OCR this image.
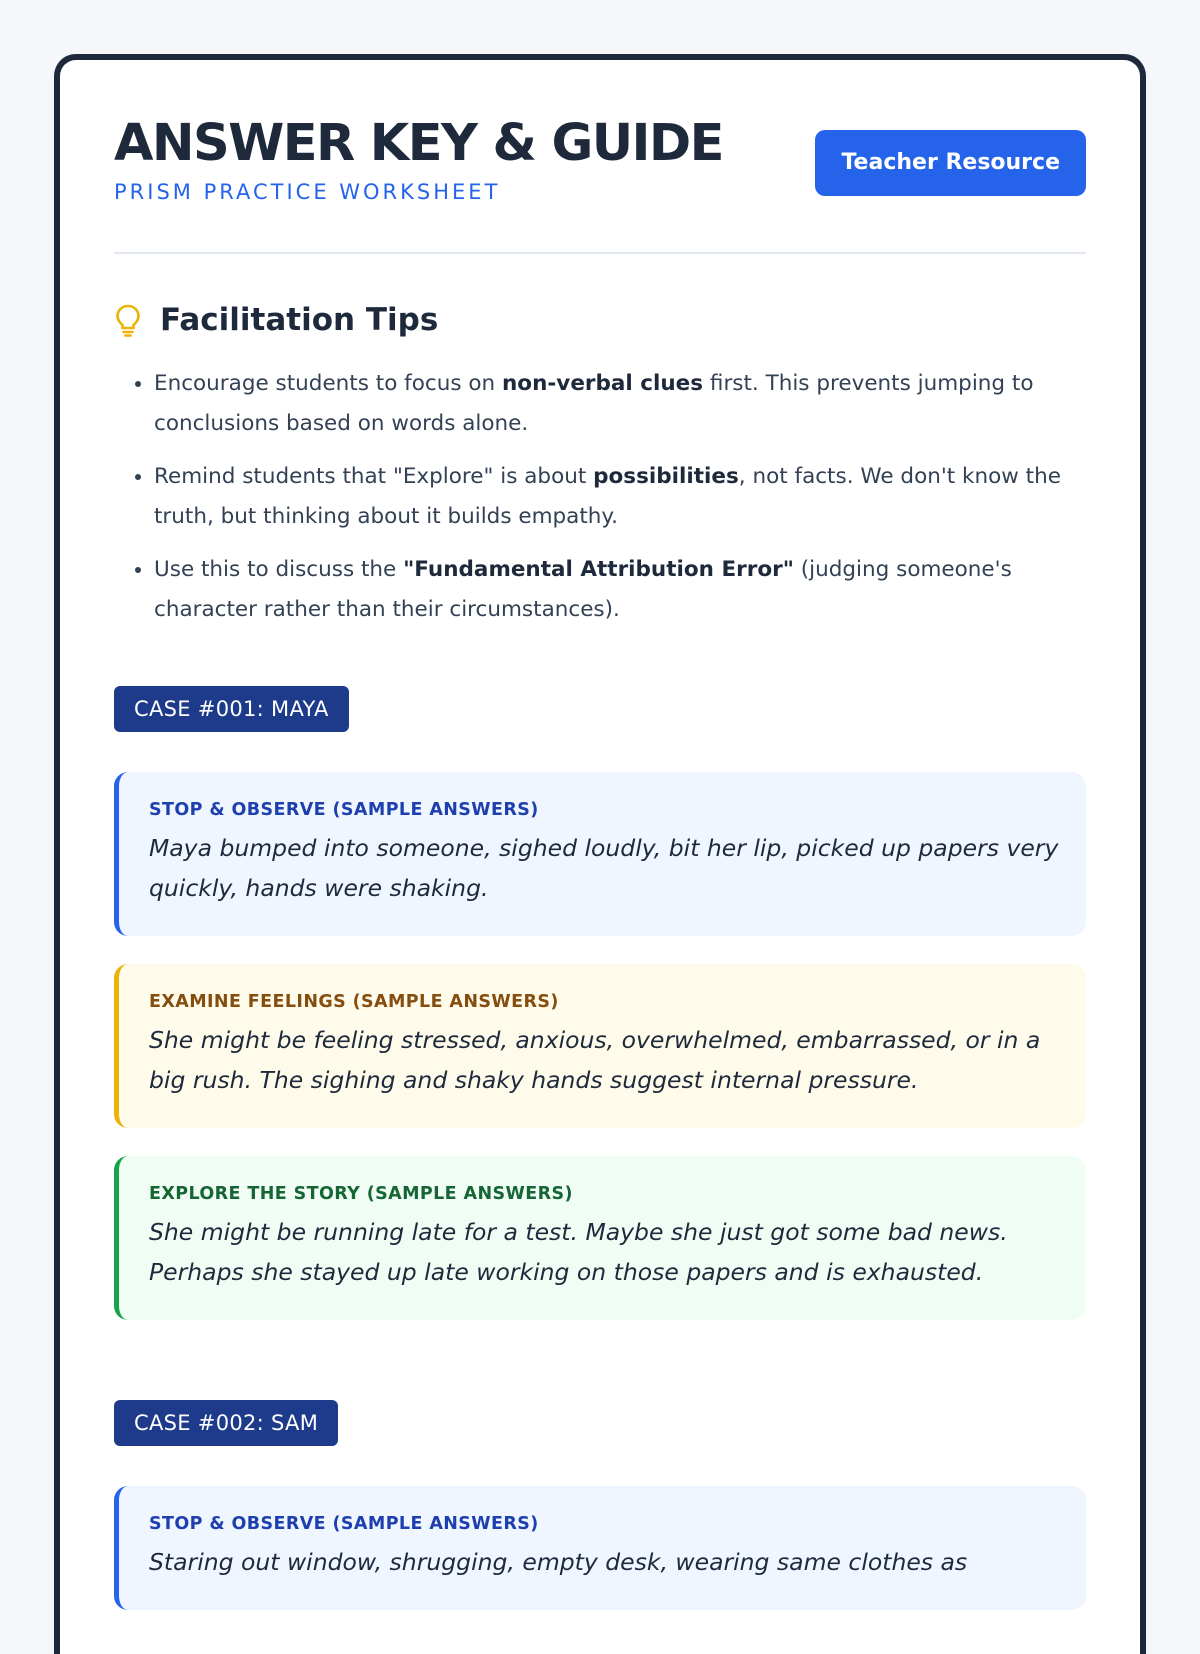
ANSWER KEY & GUIDE
PRISM PRACTICE WORKSHEET
Teacher Resource
Facilitation Tips
• Encourage students to focus on non-verbal clues first. This prevents jumping to conclusions based on words alone.
• Remind students that "Explore" is about possibilities, not facts. We don't know the truth, but thinking about it builds empathy.
• Use this to discuss the "Fundamental Attribution Error" (judging someone's character rather than their circumstances).
CASE #001: MAYA
STOP & OBSERVE (SAMPLE ANSWERS)
Maya bumped into someone, sighed loudly, bit her lip, picked up papers very quickly, hands were shaking.
EXAMINE FEELINGS (SAMPLE ANSWERS)
She might be feeling stressed, anxious, overwhelmed, embarrassed, or in a big rush. The sighing and shaky hands suggest internal pressure.
EXPLORE THE STORY (SAMPLE ANSWERS)
She might be running late for a test. Maybe she just got some bad news. Perhaps she stayed up late working on those papers and is exhausted.
CASE #002: SAM
STOP & OBSERVE (SAMPLE ANSWERS)
Staring out window, shrugging, empty desk, wearing same clothes as
